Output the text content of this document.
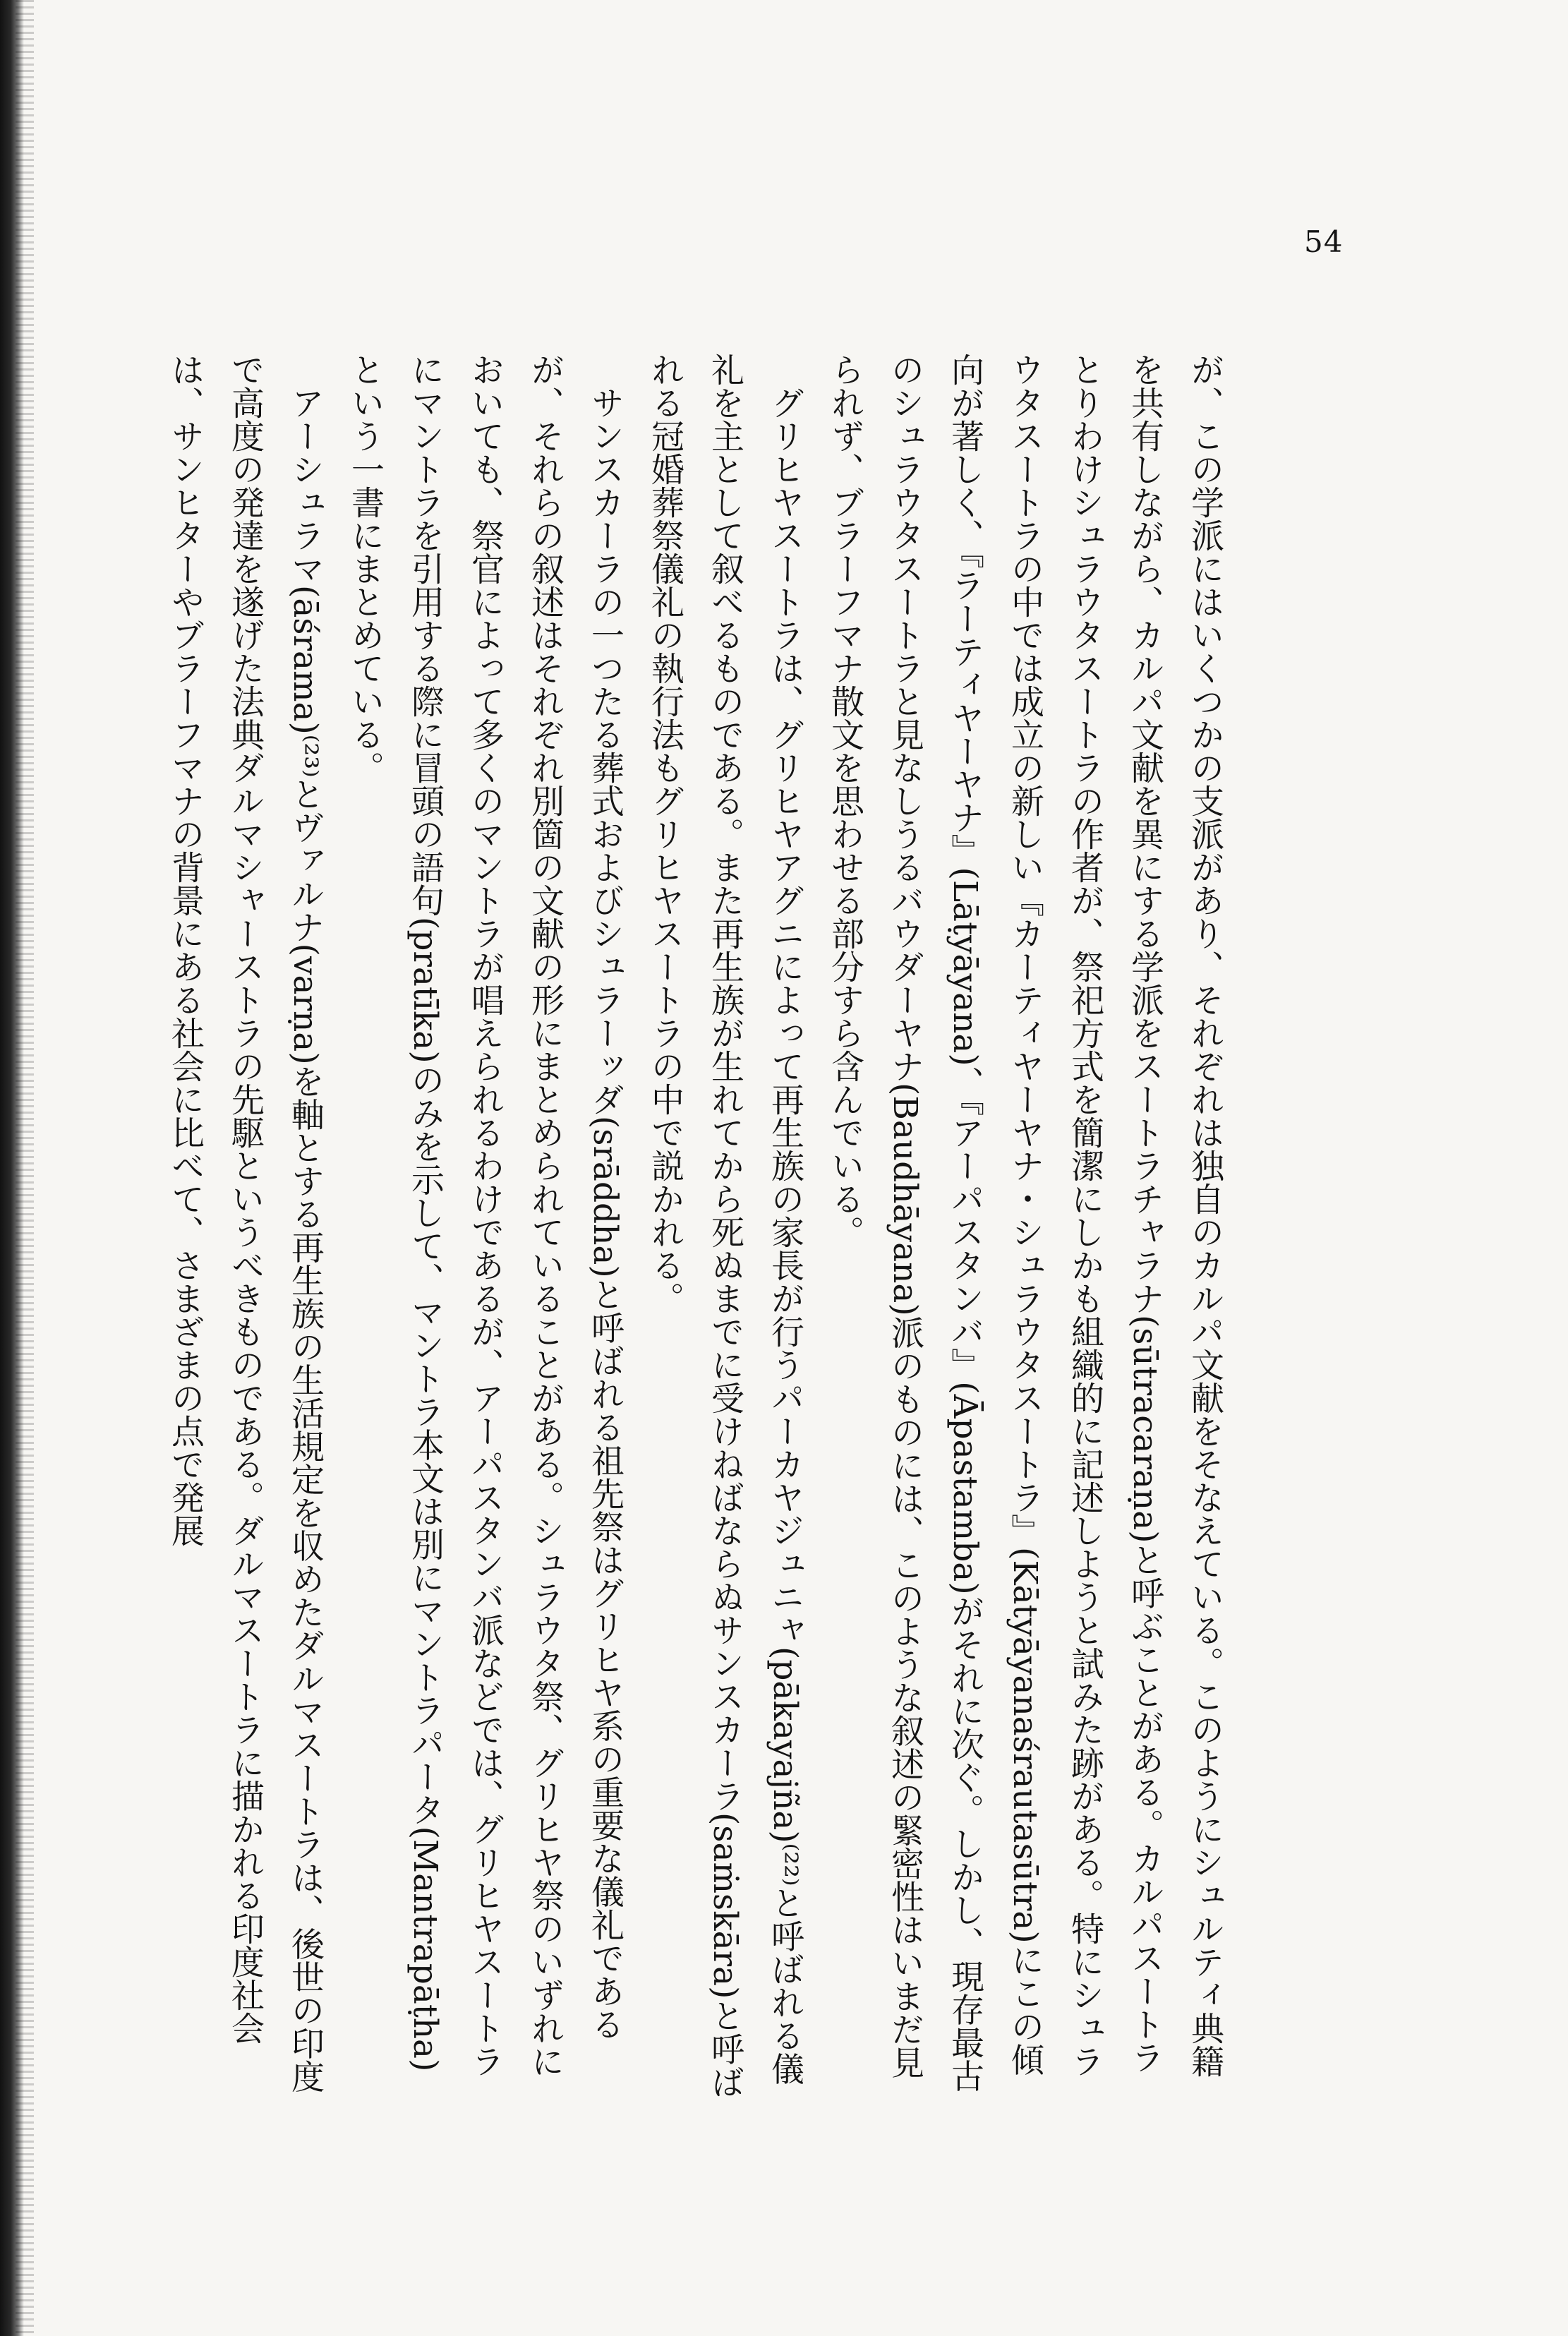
54

が、この学派にはいくつかの支派があり、それぞれは独自のカルパ文献をそなえている。このようにシュルティ典籍を共有しながら、カルパ文献を異にする学派をスートラチャラナ(sūtracaraṇa)と呼ぶことがある。カルパスートラとりわけシュラウタスートラの作者が、祭祀方式を簡潔にしかも組織的に記述しようと試みた跡がある。特にシュラウタスートラの中では成立の新しい『カーティヤーヤナ・シュラウタスートラ』(Kātyāyanaśrautasūtra)にこの傾向が著しく、『ラーティヤーヤナ』(Lāṭyāyana)、『アーパスタンバ』(Āpastamba)がそれに次ぐ。しかし、現存最古のシュラウタスートラと見なしうるバウダーヤナ(Baudhāyana)派のものには、このような叙述の緊密性はいまだ見られず、ブラーフマナ散文を思わせる部分すら含んでいる。

グリヒヤスートラは、グリヒヤアグニによって再生族の家長が行うパーカヤジュニャ(pākayajña)⁽²²⁾と呼ばれる儀礼を主として叙べるものである。また再生族が生れてから死ぬまでに受けねばならぬサンスカーラ(saṁskāra)と呼ばれる冠婚葬祭儀礼の執行法もグリヒヤスートラの中で説かれる。

サンスカーラの一つたる葬式およびシュラーッダ(srāddha)と呼ばれる祖先祭はグリヒヤ系の重要な儀礼であるが、それらの叙述はそれぞれ別箇の文献の形にまとめられていることがある。シュラウタ祭、グリヒヤ祭のいずれにおいても、祭官によって多くのマントラが唱えられるわけであるが、アーパスタンバ派などでは、グリヒヤスートラにマントラを引用する際に冒頭の語句(pratīka)のみを示して、マントラ本文は別にマントラパータ(Mantrapāṭha)という一書にまとめている。

アーシュラマ(āśrama)⁽²³⁾とヴァルナ(varṇa)を軸とする再生族の生活規定を収めたダルマスートラは、後世の印度で高度の発達を遂げた法典ダルマシャーストラの先駆というべきものである。ダルマスートラに描かれる印度社会は、サンヒターやブラーフマナの背景にある社会に比べて、さまざまの点で発展
